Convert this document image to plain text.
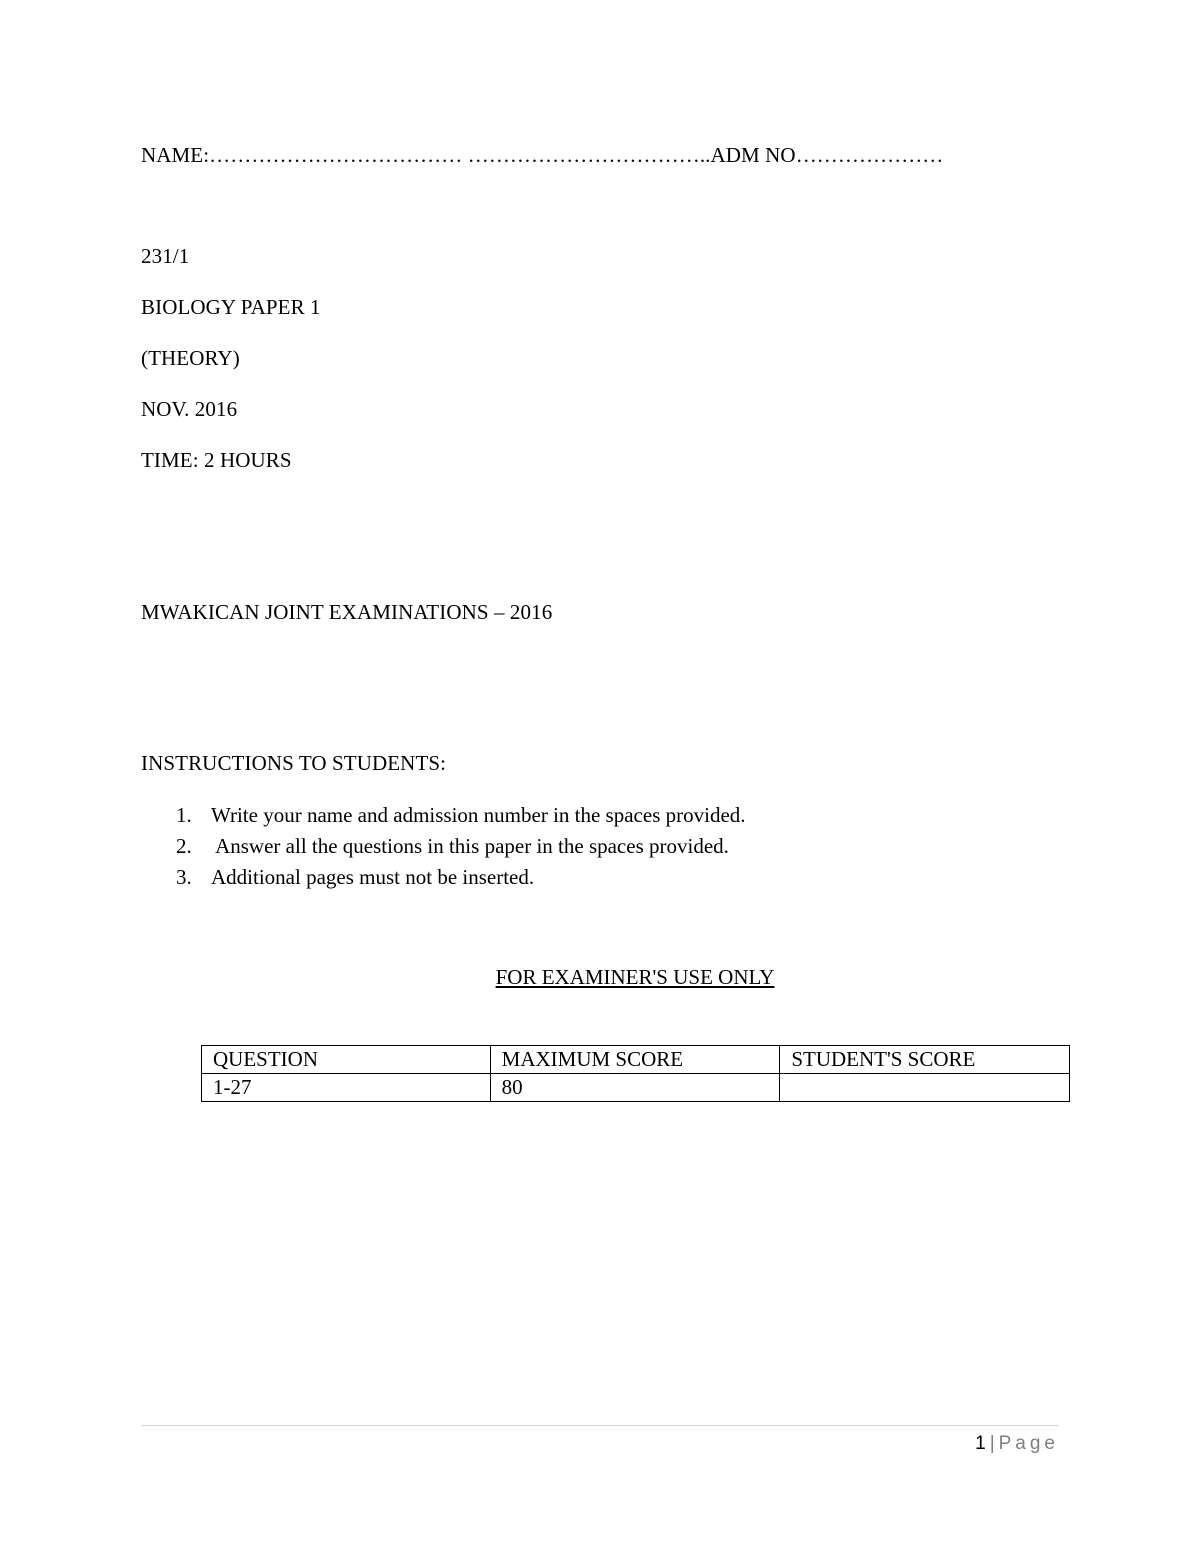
NAME:……………………………… ……………………………..ADM NO…………………
231/1
BIOLOGY PAPER 1
(THEORY)
NOV. 2016
TIME: 2 HOURS
MWAKICAN JOINT EXAMINATIONS – 2016
INSTRUCTIONS TO STUDENTS:
1. Write your name and admission number in the spaces provided.
2. Answer all the questions in this paper in the spaces provided.
3. Additional pages must not be inserted.
FOR EXAMINER'S USE ONLY
QUESTION	MAXIMUM SCORE	STUDENT'S SCORE
1-27	80	
1 | Page
